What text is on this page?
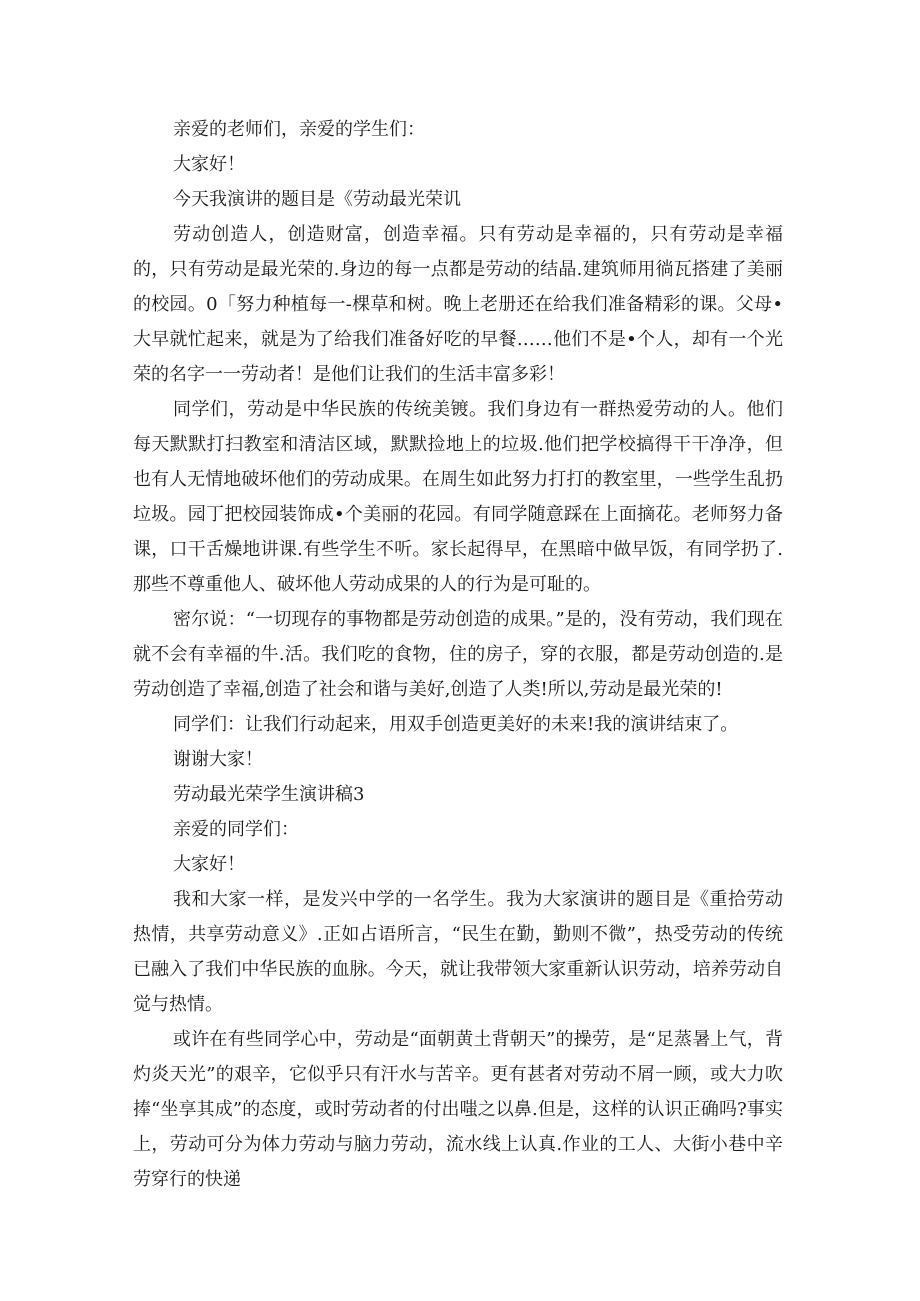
亲爱的老师们，亲爱的学生们：

大家好！

今天我演讲的题目是《劳动最光荣讥

劳动创造人，创造财富，创造幸福。只有劳动是幸福的，只有劳动是幸福的，只有劳动是最光荣的.身边的每一点都是劳动的结晶.建筑师用徜瓦搭建了美丽的校园。0「努力种植每一-棵草和树。晚上老册还在给我们准备精彩的课。父母•大早就忙起来，就是为了给我们准备好吃的早餐……他们不是•个人，却有一个光荣的名字一一劳动者！是他们让我们的生活丰富多彩！

同学们，劳动是中华民族的传统美镀。我们身边有一群热爱劳动的人。他们每天默默打扫教室和清洁区域，默默捡地上的垃圾.他们把学校搞得干干净净，但也有人无情地破坏他们的劳动成果。在周生如此努力打打的教室里，一些学生乱扔垃圾。园丁把校园装饰成•个美丽的花园。有同学随意踩在上面摘花。老师努力备课，口干舌燥地讲课.有些学生不听。家长起得早，在黑暗中做早饭，有同学扔了.那些不尊重他人、破坏他人劳动成果的人的行为是可耻的。

密尔说：“一切现存的事物都是劳动创造的成果。”是的，没有劳动，我们现在就不会有幸福的牛.活。我们吃的食物，住的房子，穿的衣服，都是劳动创造的.是劳动创造了幸福,创造了社会和谐与美好,创造了人类!所以,劳动是最光荣的!

同学们：让我们行动起来，用双手创造更美好的未来!我的演讲结束了。

谢谢大家！

劳动最光荣学生演讲稿3

亲爱的同学们：

大家好！

我和大家一样，是发兴中学的一名学生。我为大家演讲的题目是《重拾劳动热情，共享劳动意义》.正如占语所言，“民生在勤，勤则不微”，热受劳动的传统已融入了我们中华民族的血脉。今天，就让我带领大家重新认识劳动，培养劳动自觉与热情。

或许在有些同学心中，劳动是“面朝黄土背朝天”的操劳，是“足蒸暑上气，背灼炎天光”的艰辛，它似乎只有汗水与苦辛。更有甚者对劳动不屑一顾，或大力吹捧“坐享其成”的态度，或时劳动者的付出嗤之以鼻.但是，这样的认识正确吗?事实上，劳动可分为体力劳动与脑力劳动，流水线上认真.作业的工人、大街小巷中辛劳穿行的快递
